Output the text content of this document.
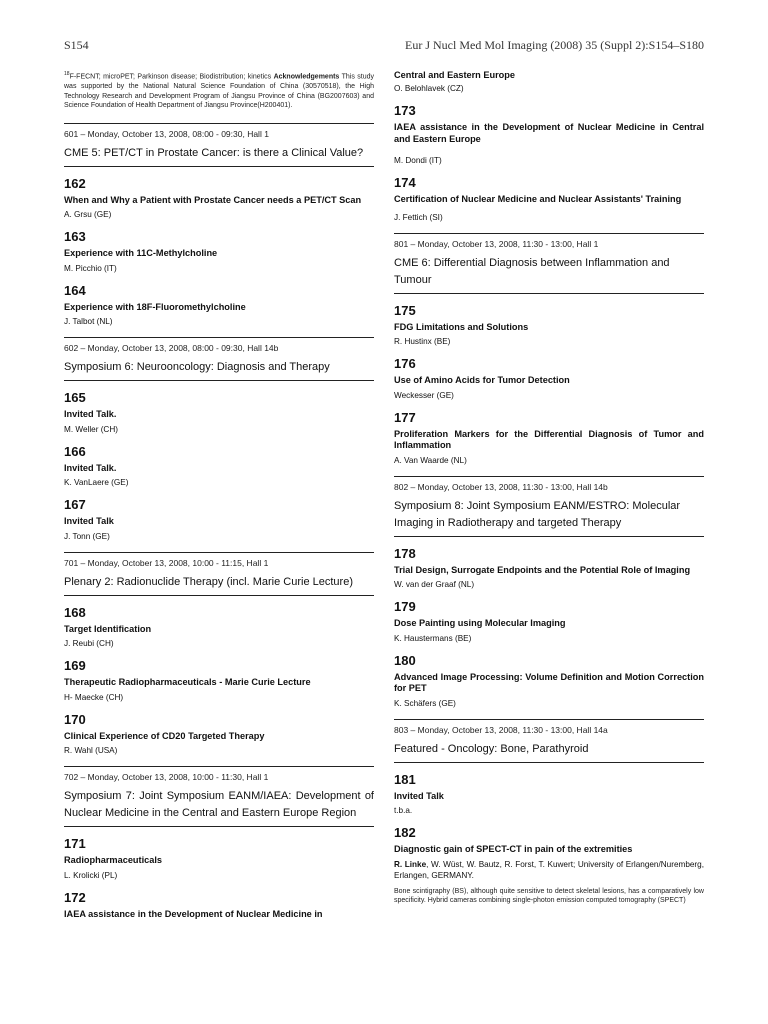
S154	Eur J Nucl Med Mol Imaging (2008) 35 (Suppl 2):S154–S180

$^{18}$F-FECNT; microPET; Parkinson disease; Biodistribution; kinetics Acknowledgements This study was supported by the National Natural Science Foundation of China (30570518), the High Technology Research and Development Program of Jiangsu Province of China (BG2007603) and Science Foundation of Health Department of Jiangsu Province(H200401).

601 – Monday, October 13, 2008, 08:00 - 09:30, Hall 1
CME 5: PET/CT in Prostate Cancer: is there a Clinical Value?
162
When and Why a Patient with Prostate Cancer needs a PET/CT Scan
A. Grsu (GE)
163
Experience with 11C-Methylcholine
M. Picchio (IT)
164
Experience with 18F-Fluoromethylcholine
J. Talbot (NL)
602 – Monday, October 13, 2008, 08:00 - 09:30, Hall 14b
Symposium 6: Neurooncology: Diagnosis and Therapy
165
Invited Talk.
M. Weller (CH)
166
Invited Talk.
K. VanLaere (GE)
167
Invited Talk
J. Tonn (GE)
701 – Monday, October 13, 2008, 10:00 - 11:15, Hall 1
Plenary 2: Radionuclide Therapy (incl. Marie Curie Lecture)
168
Target Identification
J. Reubi (CH)
169
Therapeutic Radiopharmaceuticals - Marie Curie Lecture
H- Maecke (CH)
170
Clinical Experience of CD20 Targeted Therapy
R. Wahl (USA)
702 – Monday, October 13, 2008, 10:00 - 11:30, Hall 1
Symposium 7: Joint Symposium EANM/IAEA: Development of Nuclear Medicine in the Central and Eastern Europe Region
171
Radiopharmaceuticals
L. Krolicki (PL)
172
IAEA assistance in the Development of Nuclear Medicine in
Central and Eastern Europe
O. Belohlavek (CZ)
173
IAEA assistance in the Development of Nuclear Medicine in Central and Eastern Europe
M. Dondi (IT)
174
Certification of Nuclear Medicine and Nuclear Assistants' Training
J. Fettich (SI)
801 – Monday, October 13, 2008, 11:30 - 13:00, Hall 1
CME 6: Differential Diagnosis between Inflammation and Tumour
175
FDG Limitations and Solutions
R. Hustinx (BE)
176
Use of Amino Acids for Tumor Detection
Weckesser (GE)
177
Proliferation Markers for the Differential Diagnosis of Tumor and Inflammation
A. Van Waarde (NL)
802 – Monday, October 13, 2008, 11:30 - 13:00, Hall 14b
Symposium 8: Joint Symposium EANM/ESTRO: Molecular Imaging in Radiotherapy and targeted Therapy
178
Trial Design, Surrogate Endpoints and the Potential Role of Imaging
W. van der Graaf (NL)
179
Dose Painting using Molecular Imaging
K. Haustermans (BE)
180
Advanced Image Processing: Volume Definition and Motion Correction for PET
K. Schäfers (GE)
803 – Monday, October 13, 2008, 11:30 - 13:00, Hall 14a
Featured - Oncology: Bone, Parathyroid
181
Invited Talk
t.b.a.
182
Diagnostic gain of SPECT-CT in pain of the extremities
R. Linke, W. Wüst, W. Bautz, R. Forst, T. Kuwert; University of Erlangen/Nuremberg, Erlangen, GERMANY.
Bone scintigraphy (BS), although quite sensitive to detect skeletal lesions, has a comparatively low specificity. Hybrid cameras combining single-photon emission computed tomography (SPECT)
